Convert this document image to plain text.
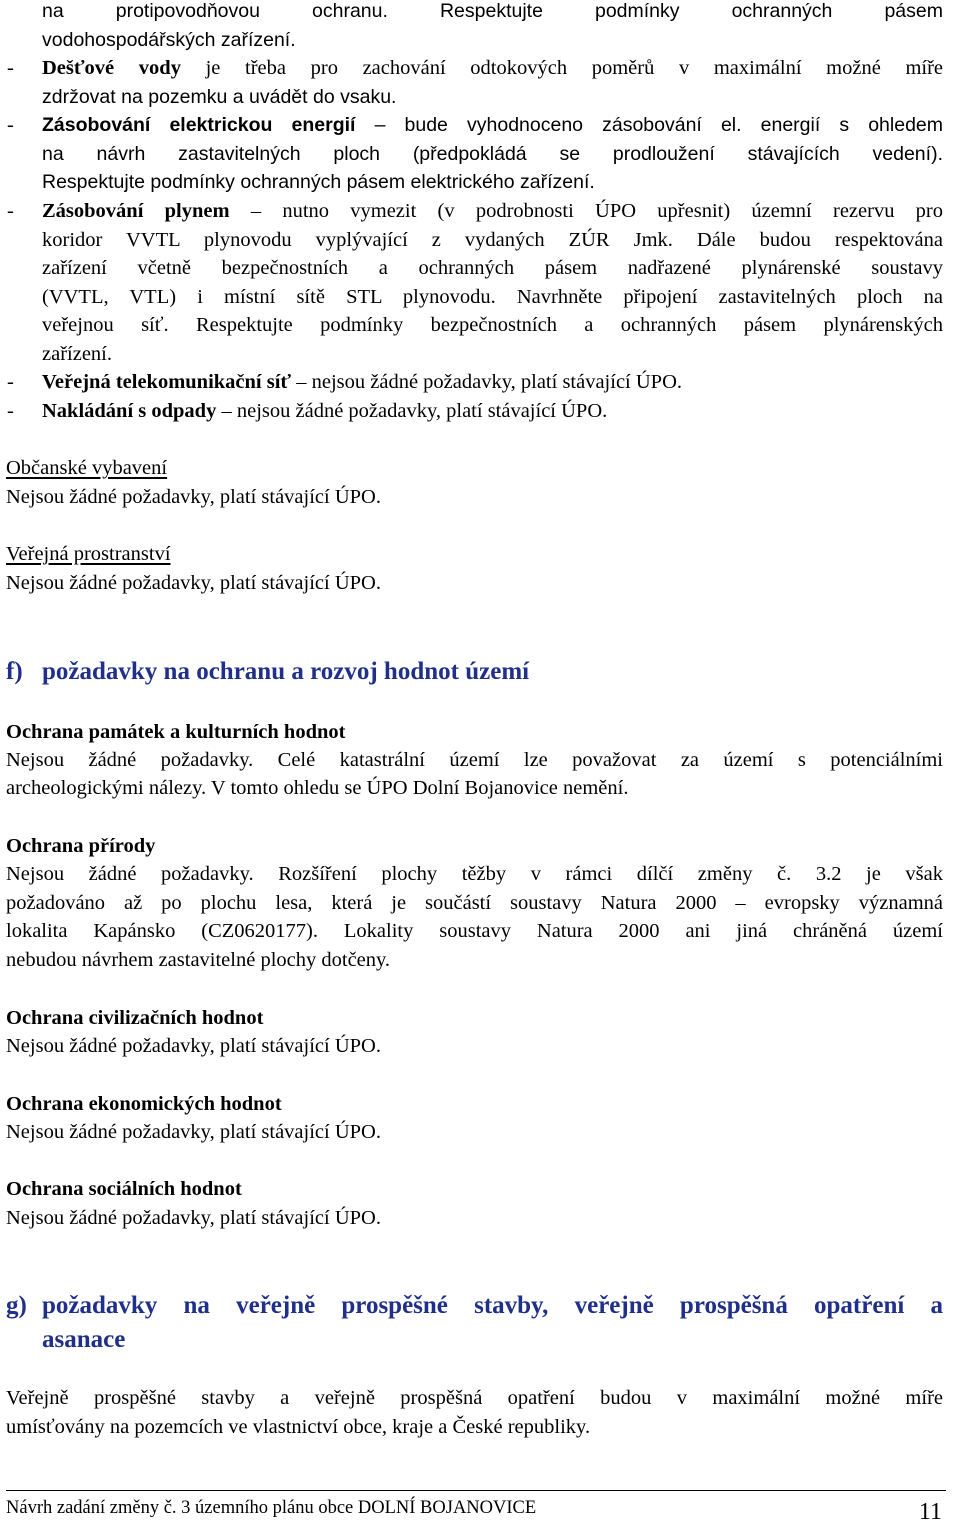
na protipovodňovou ochranu. Respektujte podmínky ochranných pásem
vodohospodářských zařízení.
- Dešťové vody je třeba pro zachování odtokových poměrů v maximální možné míře
zdržovat na pozemku a uvádět do vsaku.
- Zásobování elektrickou energií – bude vyhodnoceno zásobování el. energií s ohledem
na návrh zastavitelných ploch (předpokládá se prodloužení stávajících vedení).
Respektujte podmínky ochranných pásem elektrického zařízení.
- Zásobování plynem – nutno vymezit (v podrobnosti ÚPO upřesnit) územní rezervu pro
koridor VVTL plynovodu vyplývající z vydaných ZÚR Jmk. Dále budou respektována
zařízení včetně bezpečnostních a ochranných pásem nadřazené plynárenské soustavy
(VVTL, VTL) i místní sítě STL plynovodu. Navrhněte připojení zastavitelných ploch na
veřejnou síť. Respektujte podmínky bezpečnostních a ochranných pásem plynárenských
zařízení.
- Veřejná telekomunikační síť – nejsou žádné požadavky, platí stávající ÚPO.
- Nakládání s odpady – nejsou žádné požadavky, platí stávající ÚPO.
Občanské vybavení
Nejsou žádné požadavky, platí stávající ÚPO.
Veřejná prostranství
Nejsou žádné požadavky, platí stávající ÚPO.
f) požadavky na ochranu a rozvoj hodnot území
Ochrana památek a kulturních hodnot
Nejsou žádné požadavky. Celé katastrální území lze považovat za území s potenciálními
archeologickými nálezy. V tomto ohledu se ÚPO Dolní Bojanovice nemění.
Ochrana přírody
Nejsou žádné požadavky. Rozšíření plochy těžby v rámci dílčí změny č. 3.2 je však
požadováno až po plochu lesa, která je součástí soustavy Natura 2000 – evropsky významná
lokalita Kapánsko (CZ0620177). Lokality soustavy Natura 2000 ani jiná chráněná území
nebudou návrhem zastavitelné plochy dotčeny.
Ochrana civilizačních hodnot
Nejsou žádné požadavky, platí stávající ÚPO.
Ochrana ekonomických hodnot
Nejsou žádné požadavky, platí stávající ÚPO.
Ochrana sociálních hodnot
Nejsou žádné požadavky, platí stávající ÚPO.
g) požadavky na veřejně prospěšné stavby, veřejně prospěšná opatření a
asanace
Veřejně prospěšné stavby a veřejně prospěšná opatření budou v maximální možné míře
umísťovány na pozemcích ve vlastnictví obce, kraje a České republiky.
Návrh zadání změny č. 3 územního plánu obce DOLNÍ BOJANOVICE	11
